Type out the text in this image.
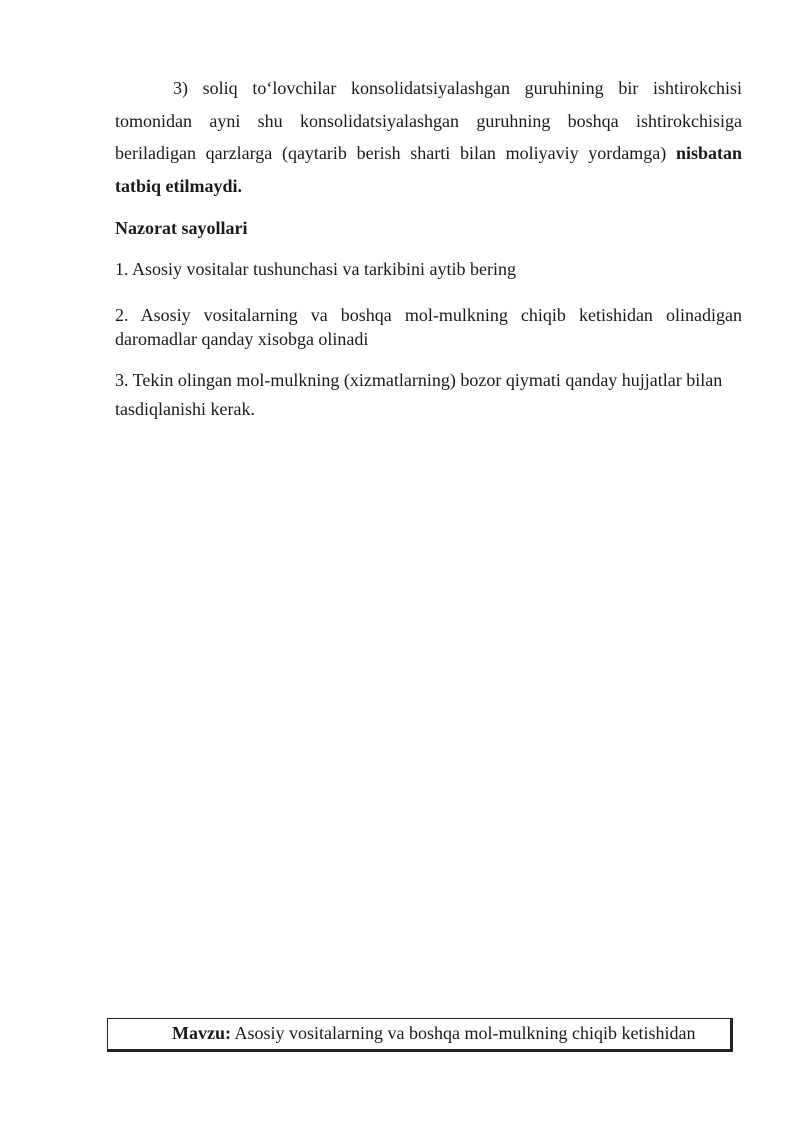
3) soliq to‘lovchilar konsolidatsiyalashgan guruhining bir ishtirokchisi tomonidan ayni shu konsolidatsiyalashgan guruhning boshqa ishtirokchisiga beriladigan qarzlarga (qaytarib berish sharti bilan moliyaviy yordamga) nisbatan tatbiq etilmaydi.

Nazorat sayollari

1. Asosiy vositalar tushunchasi va tarkibini aytib bering

2. Asosiy vositalarning va boshqa mol-mulkning chiqib ketishidan olinadigan daromadlar qanday xisobga olinadi

3. Tekin olingan mol-mulkning (xizmatlarning) bozor qiymati qanday hujjatlar bilan tasdiqlanishi kerak.

Mavzu: Asosiy vositalarning va boshqa mol-mulkning chiqib ketishidan
